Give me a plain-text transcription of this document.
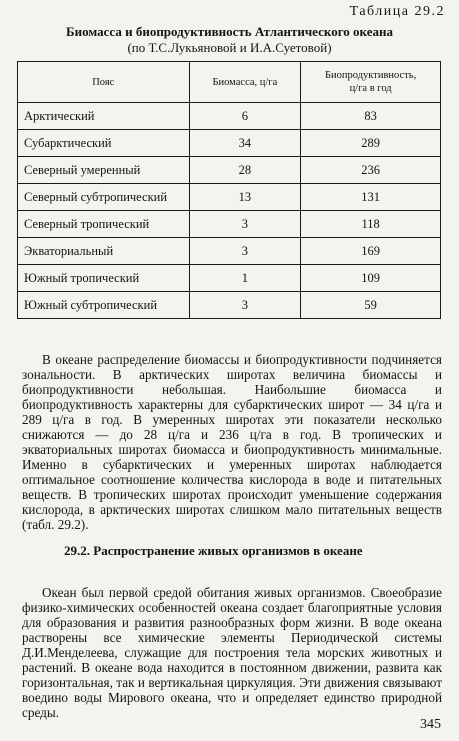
Таблица 29.2
Биомасса и биопродуктивность Атлантического океана
(по Т.С.Лукьяновой и И.А.Суетовой)
Пояс	Биомасса, ц/га	Биопродуктивность,
ц/га в год
Арктический	6	83
Субарктический	34	289
Северный умеренный	28	236
Северный субтропический	13	131
Северный тропический	3	118
Экваториальный	3	169
Южный тропический	1	109
Южный субтропический	3	59

В океане распределение биомассы и биопродуктивности подчиняется зональности. В арктических широтах величина биомассы и биопродуктивности небольшая. Наибольшие биомасса и биопродуктивность характерны для субарктических широт — 34 ц/га и 289 ц/га в год. В умеренных широтах эти показатели несколько снижаются — до 28 ц/га и 236 ц/га в год. В тропических и экваториальных широтах биомасса и биопродуктивность минимальные. Именно в субарктических и умеренных широтах наблюдается оптимальное соотношение количества кислорода в воде и питательных веществ. В тропических широтах происходит уменьшение содержания кислорода, в арктических широтах слишком мало питательных веществ (табл. 29.2).

29.2. Распространение живых организмов в океане

Океан был первой средой обитания живых организмов. Своеобразие физико-химических особенностей океана создает благоприятные условия для образования и развития разнообразных форм жизни. В воде океана растворены все химические элементы Периодической системы Д.И.Менделеева, служащие для построения тела морских животных и растений. В океане вода находится в постоянном движении, развита как горизонтальная, так и вертикальная циркуляция. Эти движения связывают воедино воды Мирового океана, что и определяет единство природной среды.

345
